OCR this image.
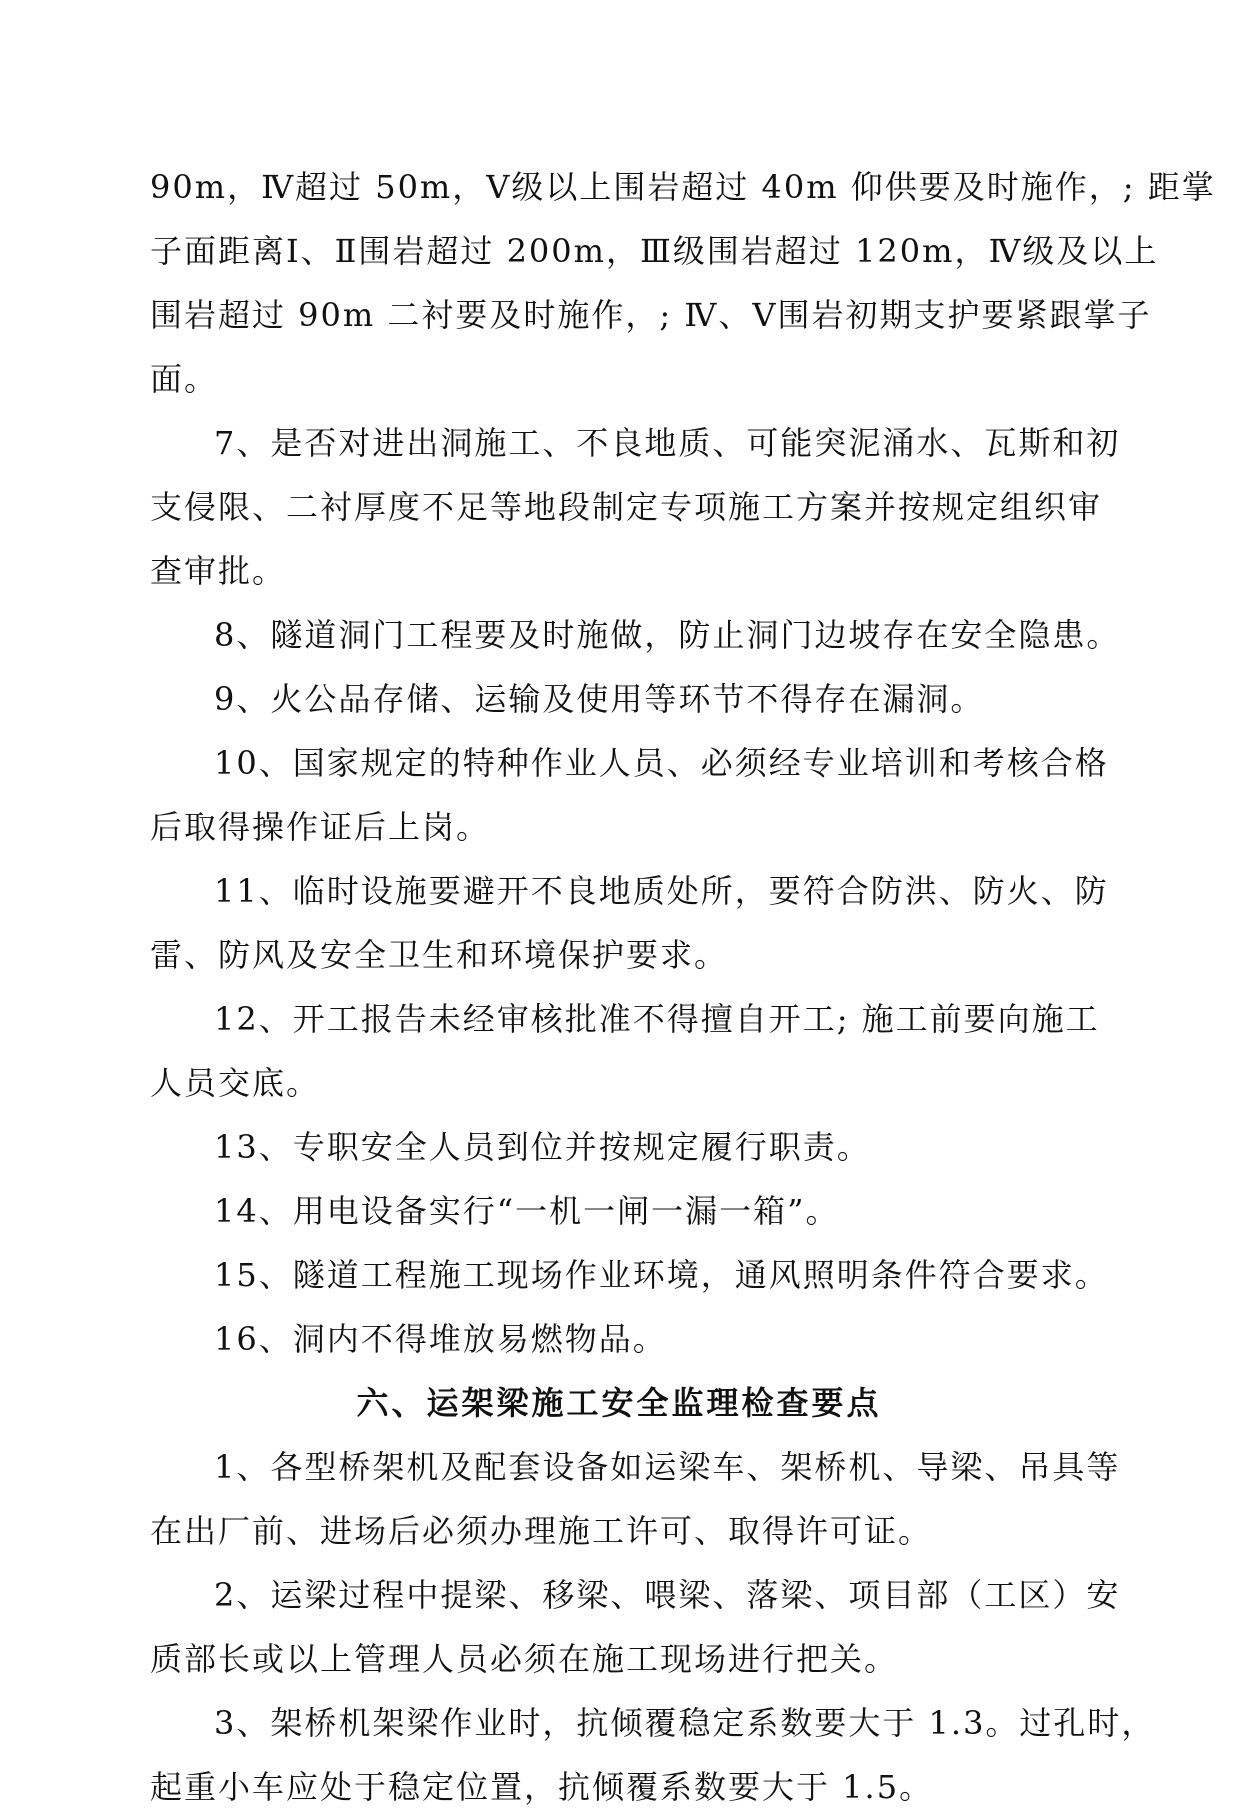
90m，Ⅳ超过 50m，Ⅴ级以上围岩超过 40m 仰供要及时施作，; 距掌
子面距离Ⅰ、Ⅱ围岩超过 200m，Ⅲ级围岩超过 120m，Ⅳ级及以上
围岩超过 90m 二衬要及时施作，; Ⅳ、Ⅴ围岩初期支护要紧跟掌子
面。
7、是否对进出洞施工、不良地质、可能突泥涌水、瓦斯和初
支侵限、二衬厚度不足等地段制定专项施工方案并按规定组织审
查审批。
8、隧道洞门工程要及时施做，防止洞门边坡存在安全隐患。
9、火公品存储、运输及使用等环节不得存在漏洞。
10、国家规定的特种作业人员、必须经专业培训和考核合格
后取得操作证后上岗。
11、临时设施要避开不良地质处所，要符合防洪、防火、防
雷、防风及安全卫生和环境保护要求。
12、开工报告未经审核批准不得擅自开工; 施工前要向施工
人员交底。
13、专职安全人员到位并按规定履行职责。
14、用电设备实行“一机一闸一漏一箱”。
15、隧道工程施工现场作业环境，通风照明条件符合要求。
16、洞内不得堆放易燃物品。
六、运架梁施工安全监理检查要点
1、各型桥架机及配套设备如运梁车、架桥机、导梁、吊具等
在出厂前、进场后必须办理施工许可、取得许可证。
2、运梁过程中提梁、移梁、喂梁、落梁、项目部（工区）安
质部长或以上管理人员必须在施工现场进行把关。
3、架桥机架梁作业时，抗倾覆稳定系数要大于 1.3。过孔时，
起重小车应处于稳定位置，抗倾覆系数要大于 1.5。
